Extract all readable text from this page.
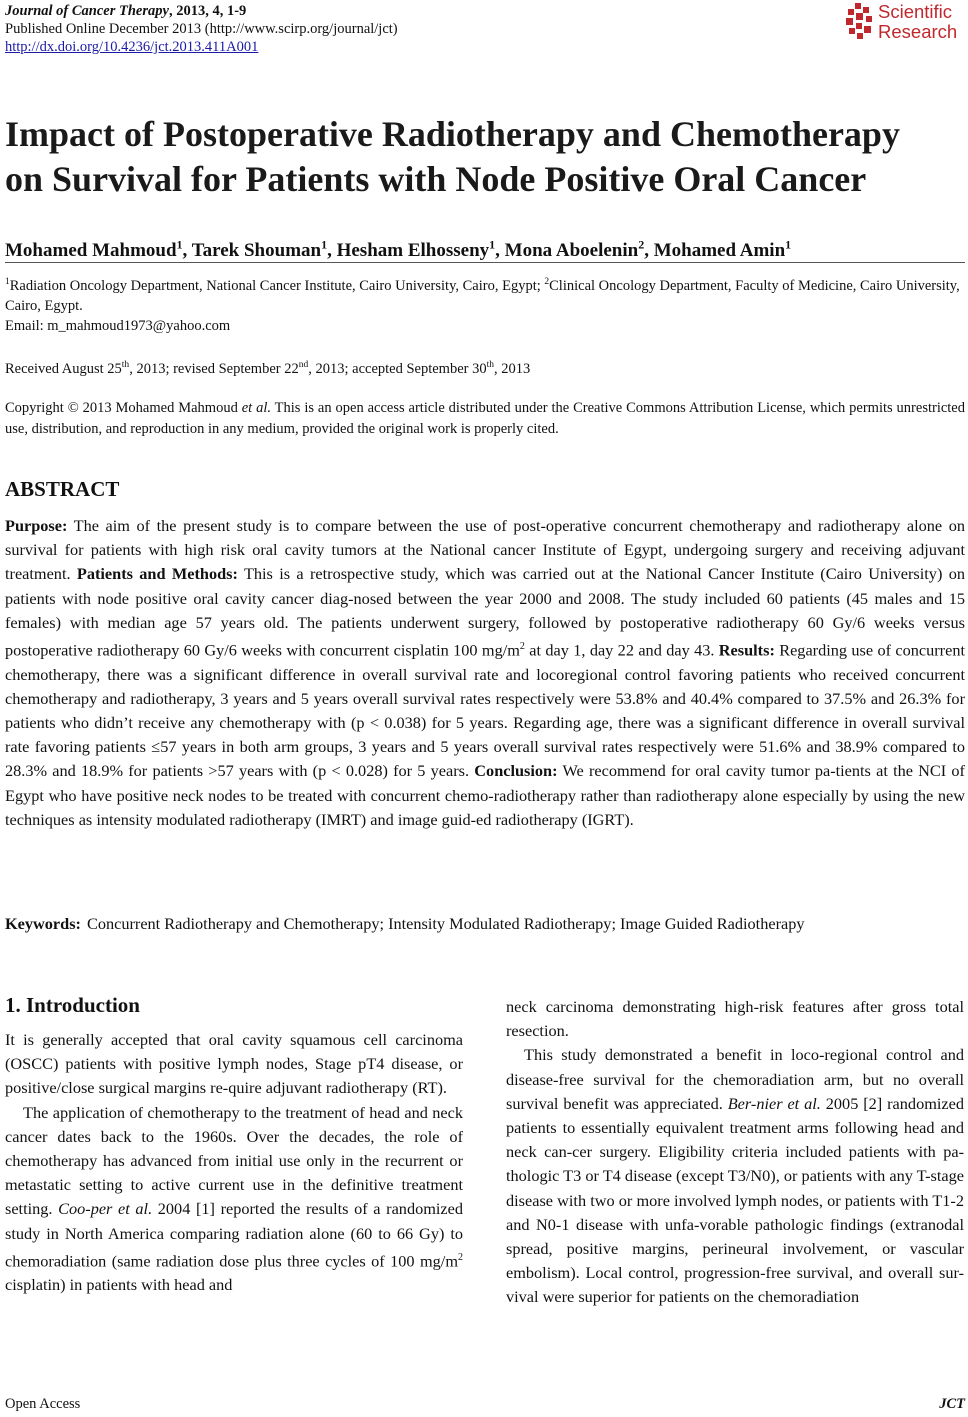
Journal of Cancer Therapy, 2013, 4, 1-9
Published Online December 2013 (http://www.scirp.org/journal/jct)
http://dx.doi.org/10.4236/jct.2013.411A001
Scientific
Research
Impact of Postoperative Radiotherapy and Chemotherapy
on Survival for Patients with Node Positive Oral Cancer
Mohamed Mahmoud$^1$, Tarek Shouman$^1$, Hesham Elhosseny$^1$, Mona Aboelenin$^2$, Mohamed Amin$^1$
$^1$Radiation Oncology Department, National Cancer Institute, Cairo University, Cairo, Egypt; $^2$Clinical Oncology Department, Faculty of Medicine, Cairo University, Cairo, Egypt.
Email: m_mahmoud1973@yahoo.com
Received August 25th, 2013; revised September 22nd, 2013; accepted September 30th, 2013
Copyright © 2013 Mohamed Mahmoud et al. This is an open access article distributed under the Creative Commons Attribution License, which permits unrestricted use, distribution, and reproduction in any medium, provided the original work is properly cited.
ABSTRACT

Purpose: The aim of the present study is to compare between the use of post-operative concurrent chemotherapy and radiotherapy alone on survival for patients with high risk oral cavity tumors at the National cancer Institute of Egypt, undergoing surgery and receiving adjuvant treatment. Patients and Methods: This is a retrospective study, which was carried out at the National Cancer Institute (Cairo University) on patients with node positive oral cavity cancer diag-nosed between the year 2000 and 2008. The study included 60 patients (45 males and 15 females) with median age 57 years old. The patients underwent surgery, followed by postoperative radiotherapy 60 Gy/6 weeks versus postoperative radiotherapy 60 Gy/6 weeks with concurrent cisplatin 100 $mg/m^2$ at day 1, day 22 and day 43. Results: Regarding use of concurrent chemotherapy, there was a significant difference in overall survival rate and locoregional control favoring patients who received concurrent chemotherapy and radiotherapy, 3 years and 5 years overall survival rates respectively were 53.8% and 40.4% compared to 37.5% and 26.3% for patients who didn’t receive any chemotherapy with (p < 0.038) for 5 years. Regarding age, there was a significant difference in overall survival rate favoring patients ≤57 years in both arm groups, 3 years and 5 years overall survival rates respectively were 51.6% and 38.9% compared to 28.3% and 18.9% for patients >57 years with (p < 0.028) for 5 years. Conclusion: We recommend for oral cavity tumor pa-tients at the NCI of Egypt who have positive neck nodes to be treated with concurrent chemo-radiotherapy rather than radiotherapy alone especially by using the new techniques as intensity modulated radiotherapy (IMRT) and image guid-ed radiotherapy (IGRT).

Keywords: Concurrent Radiotherapy and Chemotherapy; Intensity Modulated Radiotherapy; Image Guided Radiotherapy
1. Introduction

It is generally accepted that oral cavity squamous cell carcinoma (OSCC) patients with positive lymph nodes, Stage pT4 disease, or positive/close surgical margins re-quire adjuvant radiotherapy (RT).

The application of chemotherapy to the treatment of head and neck cancer dates back to the 1960s. Over the decades, the role of chemotherapy has advanced from initial use only in the recurrent or metastatic setting to active current use in the definitive treatment setting. Coo-per et al. 2004 [1] reported the results of a randomized study in North America comparing radiation alone (60 to 66 Gy) to chemoradiation (same radiation dose plus three cycles of 100 $mg/m^2$ cisplatin) in patients with head and

neck carcinoma demonstrating high-risk features after gross total resection.

This study demonstrated a benefit in loco-regional control and disease-free survival for the chemoradiation arm, but no overall survival benefit was appreciated. Ber-nier et al. 2005 [2] randomized patients to essentially equivalent treatment arms following head and neck can-cer surgery. Eligibility criteria included patients with pa-thologic T3 or T4 disease (except T3/N0), or patients with any T-stage disease with two or more involved lymph nodes, or patients with T1-2 and N0-1 disease with unfa-vorable pathologic findings (extranodal spread, positive margins, perineural involvement, or vascular embolism). Local control, progression-free survival, and overall sur-vival were superior for patients on the chemoradiation

Open Access	JCT
